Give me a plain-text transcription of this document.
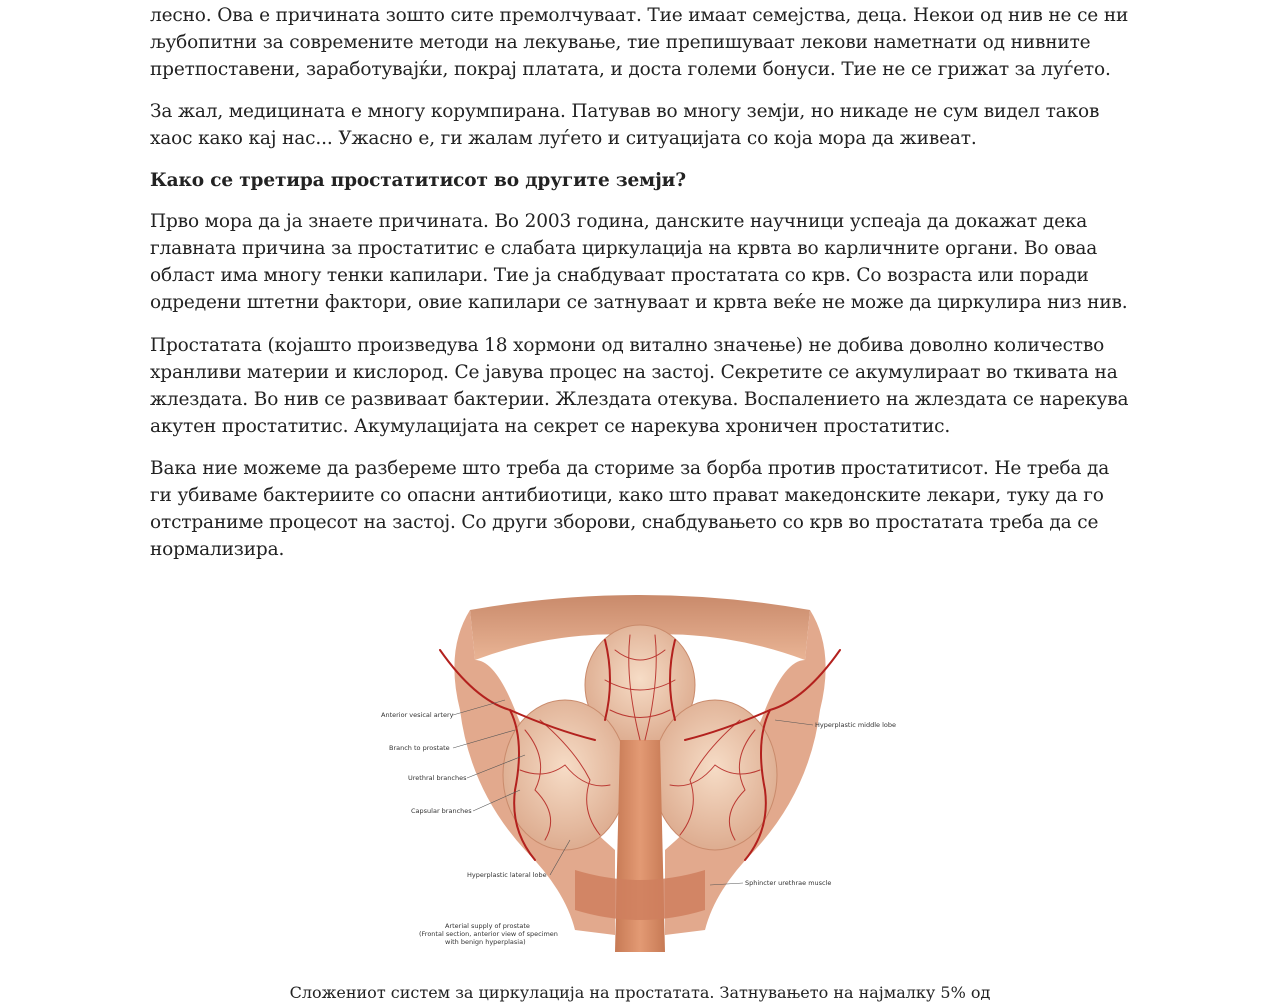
лесно. Ова е причината зошто сите премолчуваат. Тие имаат семејства, деца. Некои од нив не се ни љубопитни за современите методи на лекување, тие препишуваат лекови наметнати од нивните претпоставени, заработувајќи, покрај платата, и доста големи бонуси. Тие не се грижат за луѓето.

За жал, медицината е многу корумпирана. Патував во многу земји, но никаде не сум видел таков хаос како кај нас... Ужасно е, ги жалам луѓето и ситуацијата со која мора да живеат.

Како се третира простатитисот во другите земји?

Прво мора да ја знаете причината. Во 2003 година, данските научници успеаја да докажат дека главната причина за простатитис е слабата циркулација на крвта во карличните органи. Во оваа област има многу тенки капилари. Тие ја снабдуваат простатата со крв. Со возраста или поради одредени штетни фактори, овие капилари се затнуваат и крвта веќе не може да циркулира низ нив.

Простатата (којашто произведува 18 хормони од витално значење) не добива доволно количество хранливи материи и кислород. Се јавува процес на застој. Секретите се акумулираат во ткивата на жлездата. Во нив се развиваат бактерии. Жлездата отекува. Воспалението на жлездата се нарекува акутен простатитис. Акумулацијата на секрет се нарекува хроничен простатитис.

Вака ние можеме да разбереме што треба да сториме за борба против простатитисот. Не треба да ги убиваме бактериите со опасни антибиотици, како што прават македонските лекари, туку да го отстраниме процесот на застој. Со други зборови, снабдувањето со крв во простатата треба да се нормализира.

Anterior vesical artery
Branch to prostate
Urethral branches
Capsular branches
Hyperplastic lateral lobe
Hyperplastic middle lobe
Sphincter urethrae muscle
Arterial supply of prostate
(Frontal section, anterior view of specimen
with benign hyperplasia)
Сложениот систем за циркулација на простатата. Затнувањето на најмалку 5% од
